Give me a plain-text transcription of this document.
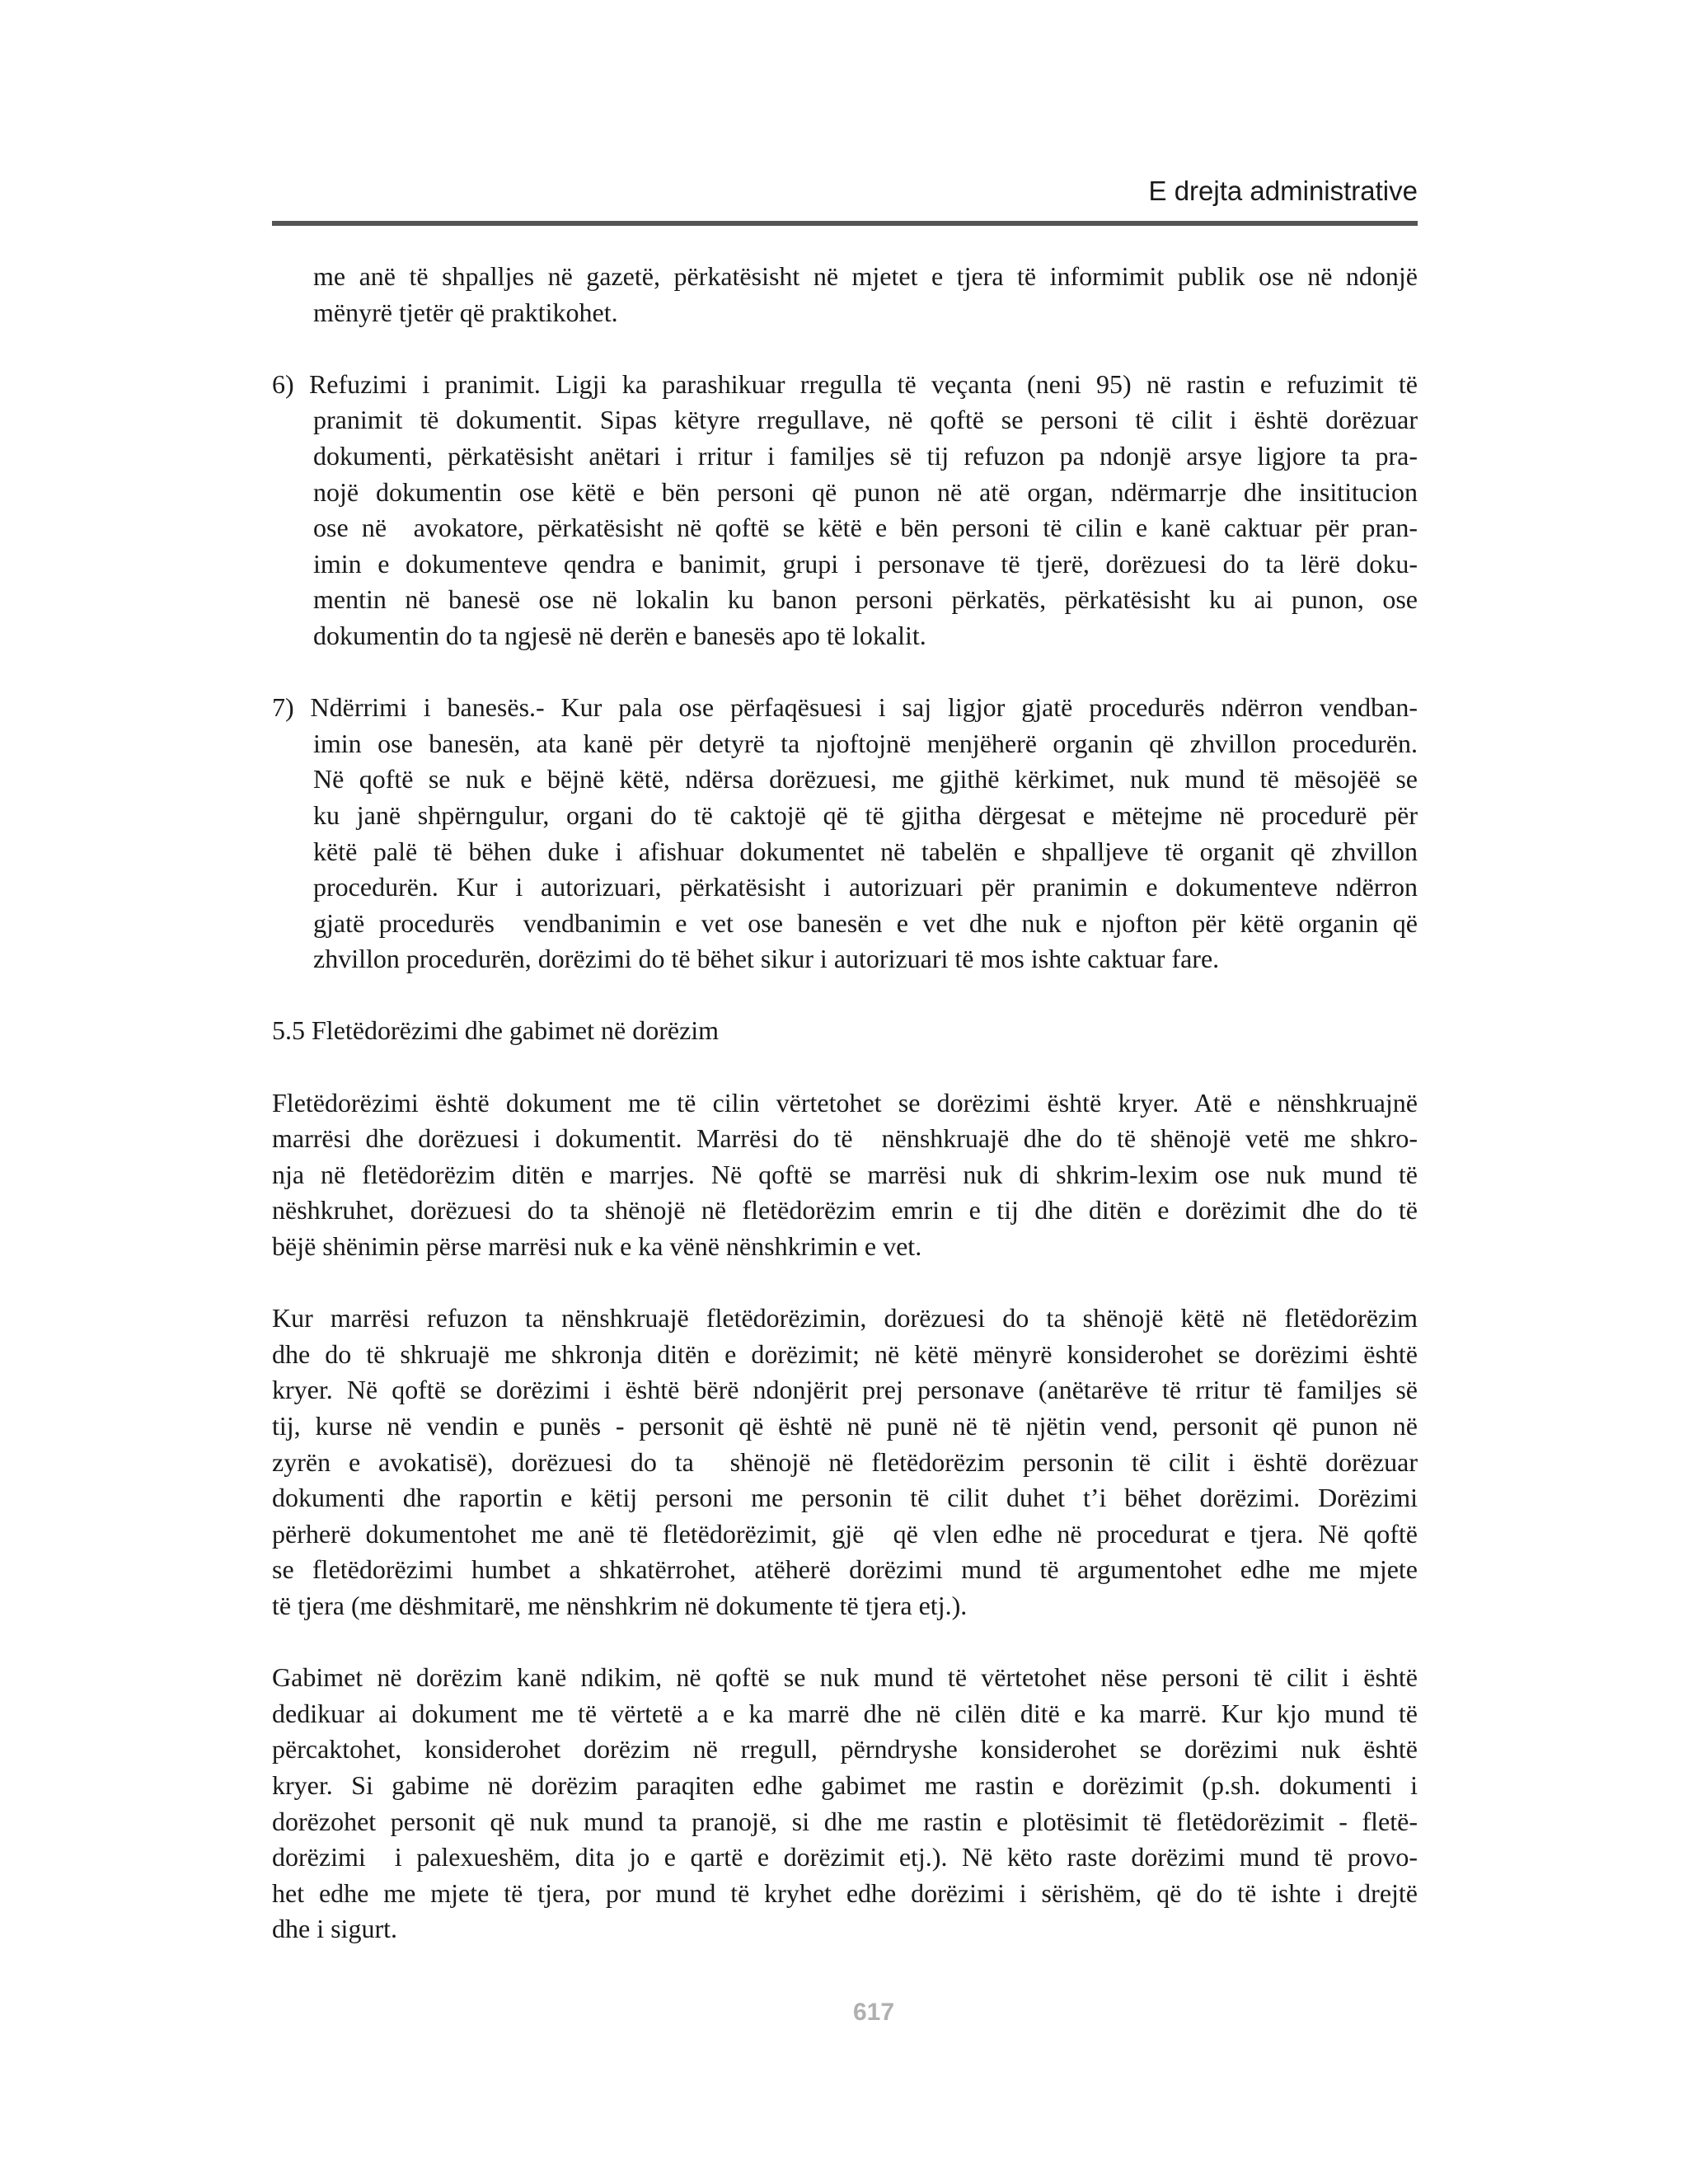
E drejta administrative
me anë të shpalljes në gazetë, përkatësisht në mjetet e tjera të informimit publik ose në ndonjë
mënyrë tjetër që praktikohet.
6) Refuzimi i pranimit. Ligji ka parashikuar rregulla të veçanta (neni 95) në rastin e refuzimit të
pranimit të dokumentit. Sipas këtyre rregullave, në qoftë se personi të cilit i është dorëzuar
dokumenti, përkatësisht anëtari i rritur i familjes së tij refuzon pa ndonjë arsye ligjore ta pra-
nojë dokumentin ose këtë e bën personi që punon në atë organ, ndërmarrje dhe insititucion
ose në  avokatore, përkatësisht në qoftë se këtë e bën personi të cilin e kanë caktuar për pran-
imin e dokumenteve qendra e banimit, grupi i personave të tjerë, dorëzuesi do ta lërë doku-
mentin në banesë ose në lokalin ku banon personi përkatës, përkatësisht ku ai punon, ose
dokumentin do ta ngjesë në derën e banesës apo të lokalit.
7) Ndërrimi i banesës.- Kur pala ose përfaqësuesi i saj ligjor gjatë procedurës ndërron vendban-
imin ose banesën, ata kanë për detyrë ta njoftojnë menjëherë organin që zhvillon procedurën.
Në qoftë se nuk e bëjnë këtë, ndërsa dorëzuesi, me gjithë kërkimet, nuk mund të mësojëë se
ku janë shpërngulur, organi do të caktojë që të gjitha dërgesat e mëtejme në procedurë për
këtë palë të bëhen duke i afishuar dokumentet në tabelën e shpalljeve të organit që zhvillon
procedurën. Kur i autorizuari, përkatësisht i autorizuari për pranimin e dokumenteve ndërron
gjatë procedurës  vendbanimin e vet ose banesën e vet dhe nuk e njofton për këtë organin që
zhvillon procedurën, dorëzimi do të bëhet sikur i autorizuari të mos ishte caktuar fare.
5.5 Fletëdorëzimi dhe gabimet në dorëzim
Fletëdorëzimi është dokument me të cilin vërtetohet se dorëzimi është kryer. Atë e nënshkruajnë
marrësi dhe dorëzuesi i dokumentit. Marrësi do të  nënshkruajë dhe do të shënojë vetë me shkro-
nja në fletëdorëzim ditën e marrjes. Në qoftë se marrësi nuk di shkrim-lexim ose nuk mund të
nëshkruhet, dorëzuesi do ta shënojë në fletëdorëzim emrin e tij dhe ditën e dorëzimit dhe do të
bëjë shënimin përse marrësi nuk e ka vënë nënshkrimin e vet.
Kur marrësi refuzon ta nënshkruajë fletëdorëzimin, dorëzuesi do ta shënojë këtë në fletëdorëzim
dhe do të shkruajë me shkronja ditën e dorëzimit; në këtë mënyrë konsiderohet se dorëzimi është
kryer. Në qoftë se dorëzimi i është bërë ndonjërit prej personave (anëtarëve të rritur të familjes së
tij, kurse në vendin e punës - personit që është në punë në të njëtin vend, personit që punon në
zyrën e avokatisë), dorëzuesi do ta  shënojë në fletëdorëzim personin të cilit i është dorëzuar
dokumenti dhe raportin e këtij personi me personin të cilit duhet t’i bëhet dorëzimi. Dorëzimi
përherë dokumentohet me anë të fletëdorëzimit, gjë  që vlen edhe në procedurat e tjera. Në qoftë
se fletëdorëzimi humbet a shkatërrohet, atëherë dorëzimi mund të argumentohet edhe me mjete
të tjera (me dëshmitarë, me nënshkrim në dokumente të tjera etj.).
Gabimet në dorëzim kanë ndikim, në qoftë se nuk mund të vërtetohet nëse personi të cilit i është
dedikuar ai dokument me të vërtetë a e ka marrë dhe në cilën ditë e ka marrë. Kur kjo mund të
përcaktohet, konsiderohet dorëzim në rregull, përndryshe konsiderohet se dorëzimi nuk është
kryer. Si gabime në dorëzim paraqiten edhe gabimet me rastin e dorëzimit (p.sh. dokumenti i
dorëzohet personit që nuk mund ta pranojë, si dhe me rastin e plotësimit të fletëdorëzimit - fletë-
dorëzimi  i palexueshëm, dita jo e qartë e dorëzimit etj.). Në këto raste dorëzimi mund të provo-
het edhe me mjete të tjera, por mund të kryhet edhe dorëzimi i sërishëm, që do të ishte i drejtë
dhe i sigurt.
617
